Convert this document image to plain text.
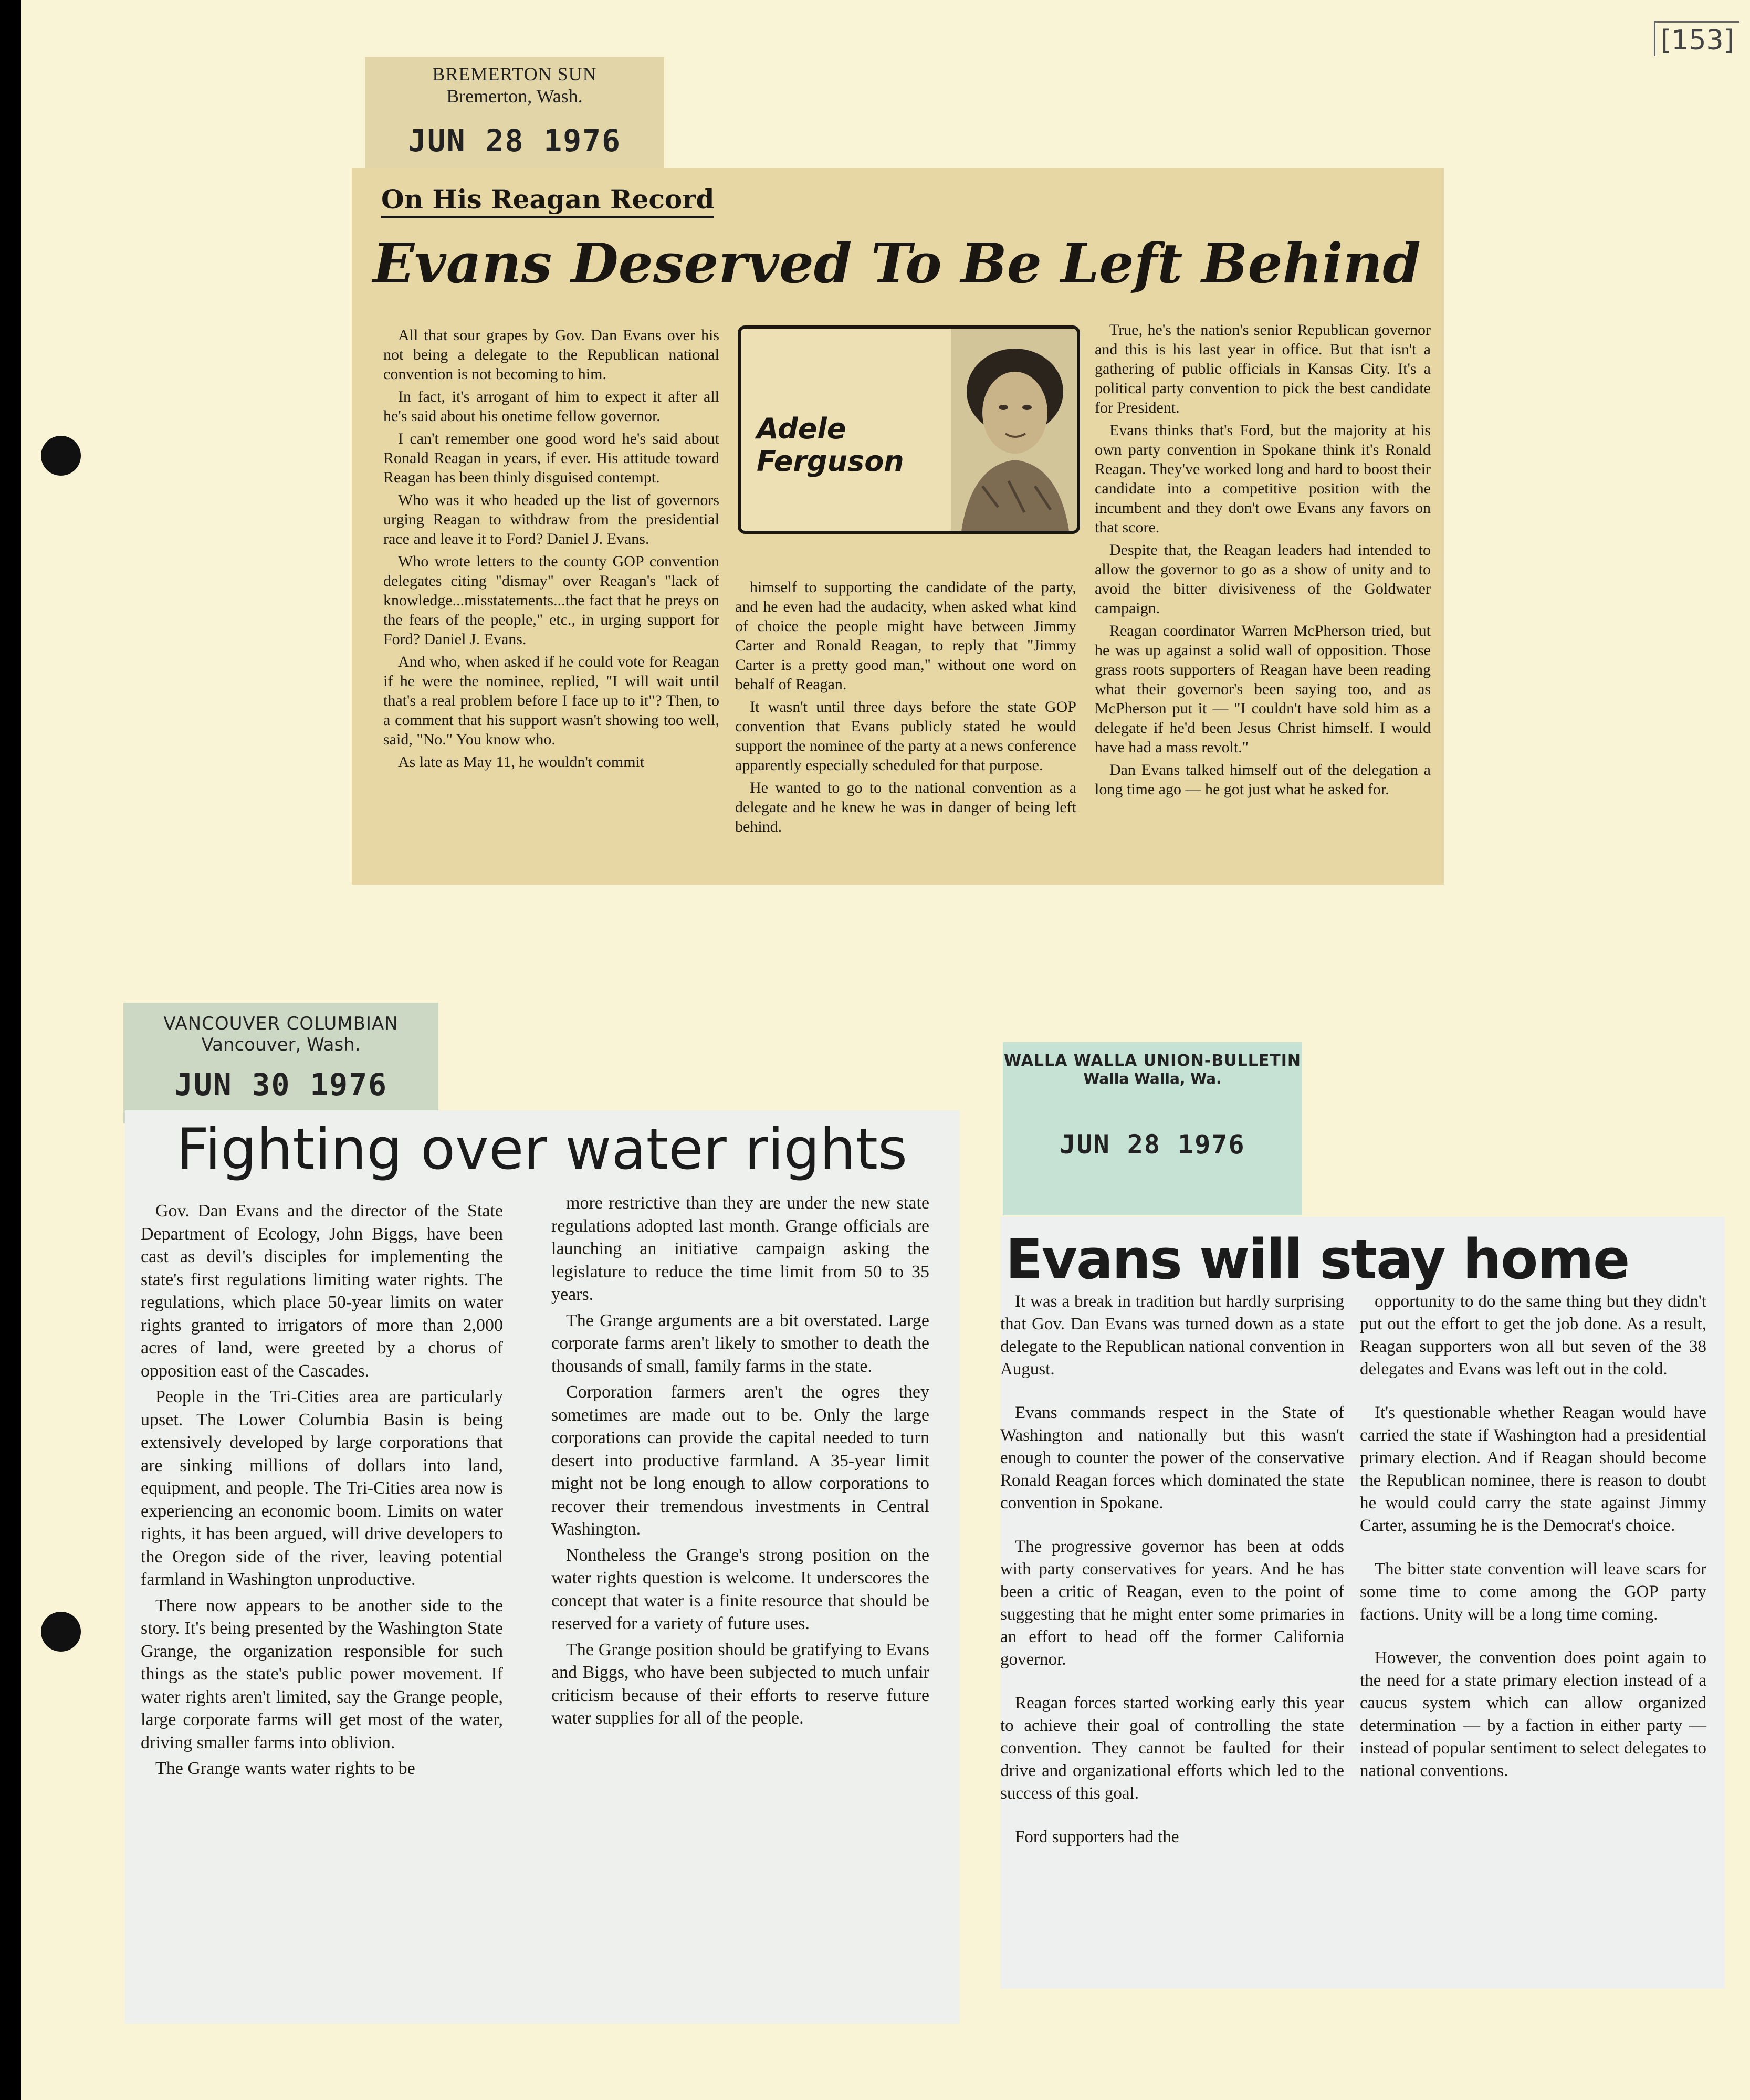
[153]
BREMERTON SUN
Bremerton, Wash.
JUN 28 1976
On His Reagan Record
Evans Deserved To Be Left Behind

All that sour grapes by Gov. Dan Evans over his not being a delegate to the Republican national convention is not becoming to him.

In fact, it's arrogant of him to expect it after all he's said about his onetime fellow governor.

I can't remember one good word he's said about Ronald Reagan in years, if ever. His attitude toward Reagan has been thinly disguised contempt.

Who was it who headed up the list of governors urging Reagan to withdraw from the presidential race and leave it to Ford? Daniel J. Evans.

Who wrote letters to the county GOP convention delegates citing "dismay" over Reagan's "lack of knowledge...misstatements...the fact that he preys on the fears of the people," etc., in urging support for Ford? Daniel J. Evans.

And who, when asked if he could vote for Reagan if he were the nominee, replied, "I will wait until that's a real problem before I face up to it"? Then, to a comment that his support wasn't showing too well, said, "No." You know who.

As late as May 11, he wouldn't commit

Adele
Ferguson

himself to supporting the candidate of the party, and he even had the audacity, when asked what kind of choice the people might have between Jimmy Carter and Ronald Reagan, to reply that "Jimmy Carter is a pretty good man," without one word on behalf of Reagan.

It wasn't until three days before the state GOP convention that Evans publicly stated he would support the nominee of the party at a news conference apparently especially scheduled for that purpose.

He wanted to go to the national convention as a delegate and he knew he was in danger of being left behind.

True, he's the nation's senior Republican governor and this is his last year in office. But that isn't a gathering of public officials in Kansas City. It's a political party convention to pick the best candidate for President.

Evans thinks that's Ford, but the majority at his own party convention in Spokane think it's Ronald Reagan. They've worked long and hard to boost their candidate into a competitive position with the incumbent and they don't owe Evans any favors on that score.

Despite that, the Reagan leaders had intended to allow the governor to go as a show of unity and to avoid the bitter divisiveness of the Goldwater campaign.

Reagan coordinator Warren McPherson tried, but he was up against a solid wall of opposition. Those grass roots supporters of Reagan have been reading what their governor's been saying too, and as McPherson put it — "I couldn't have sold him as a delegate if he'd been Jesus Christ himself. I would have had a mass revolt."

Dan Evans talked himself out of the delegation a long time ago — he got just what he asked for.

VANCOUVER COLUMBIAN
Vancouver, Wash.
JUN 30 1976
Fighting over water rights

Gov. Dan Evans and the director of the State Department of Ecology, John Biggs, have been cast as devil's disciples for implementing the state's first regulations limiting water rights. The regulations, which place 50-year limits on water rights granted to irrigators of more than 2,000 acres of land, were greeted by a chorus of opposition east of the Cascades.

People in the Tri-Cities area are particularly upset. The Lower Columbia Basin is being extensively developed by large corporations that are sinking millions of dollars into land, equipment, and people. The Tri-Cities area now is experiencing an economic boom. Limits on water rights, it has been argued, will drive developers to the Oregon side of the river, leaving potential farmland in Washington unproductive.

There now appears to be another side to the story. It's being presented by the Washington State Grange, the organization responsible for such things as the state's public power movement. If water rights aren't limited, say the Grange people, large corporate farms will get most of the water, driving smaller farms into oblivion.

The Grange wants water rights to be

more restrictive than they are under the new state regulations adopted last month. Grange officials are launching an initiative campaign asking the legislature to reduce the time limit from 50 to 35 years.

The Grange arguments are a bit overstated. Large corporate farms aren't likely to smother to death the thousands of small, family farms in the state.

Corporation farmers aren't the ogres they sometimes are made out to be. Only the large corporations can provide the capital needed to turn desert into productive farmland. A 35-year limit might not be long enough to allow corporations to recover their tremendous investments in Central Washington.

Nontheless the Grange's strong position on the water rights question is welcome. It underscores the concept that water is a finite resource that should be reserved for a variety of future uses.

The Grange position should be gratifying to Evans and Biggs, who have been subjected to much unfair criticism because of their efforts to reserve future water supplies for all of the people.

WALLA WALLA UNION-BULLETIN
Walla Walla, Wa.
JUN 28 1976
Evans will stay home

It was a break in tradition but hardly surprising that Gov. Dan Evans was turned down as a state delegate to the Republican national convention in August.

Evans commands respect in the State of Washington and nationally but this wasn't enough to counter the power of the conservative Ronald Reagan forces which dominated the state convention in Spokane.

The progressive governor has been at odds with party conservatives for years. And he has been a critic of Reagan, even to the point of suggesting that he might enter some primaries in an effort to head off the former California governor.

Reagan forces started working early this year to achieve their goal of controlling the state convention. They cannot be faulted for their drive and organizational efforts which led to the success of this goal.

Ford supporters had the

opportunity to do the same thing but they didn't put out the effort to get the job done. As a result, Reagan supporters won all but seven of the 38 delegates and Evans was left out in the cold.

It's questionable whether Reagan would have carried the state if Washington had a presidential primary election. And if Reagan should become the Republican nominee, there is reason to doubt he would could carry the state against Jimmy Carter, assuming he is the Democrat's choice.

The bitter state convention will leave scars for some time to come among the GOP party factions. Unity will be a long time coming.

However, the convention does point again to the need for a state primary election instead of a caucus system which can allow organized determination — by a faction in either party — instead of popular sentiment to select delegates to national conventions.
